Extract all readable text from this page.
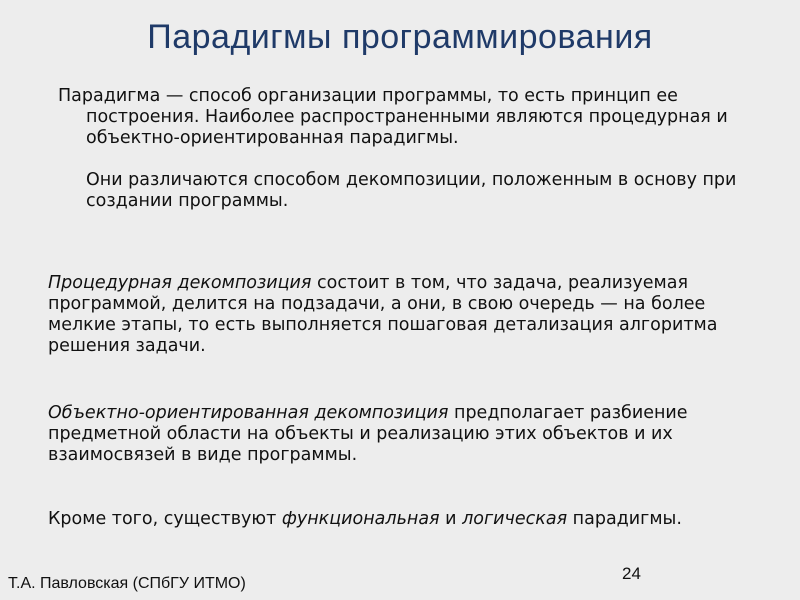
Парадигмы программирования

Парадигма — способ организации программы, то есть принцип ее построения. Наиболее распространенными являются процедурная и объектно-ориентированная парадигмы.

Они различаются способом декомпозиции, положенным в основу при создании программы.

Процедурная декомпозиция состоит в том, что задача, реализуемая программой, делится на подзадачи, а они, в свою очередь — на более мелкие этапы, то есть выполняется пошаговая детализация алгоритма решения задачи.

Объектно-ориентированная декомпозиция предполагает разбиение предметной области на объекты и реализацию этих объектов и их взаимосвязей в виде программы.

Кроме того, существуют функциональная и логическая парадигмы.

Т.А. Павловская (СПбГУ ИТМО)
24
